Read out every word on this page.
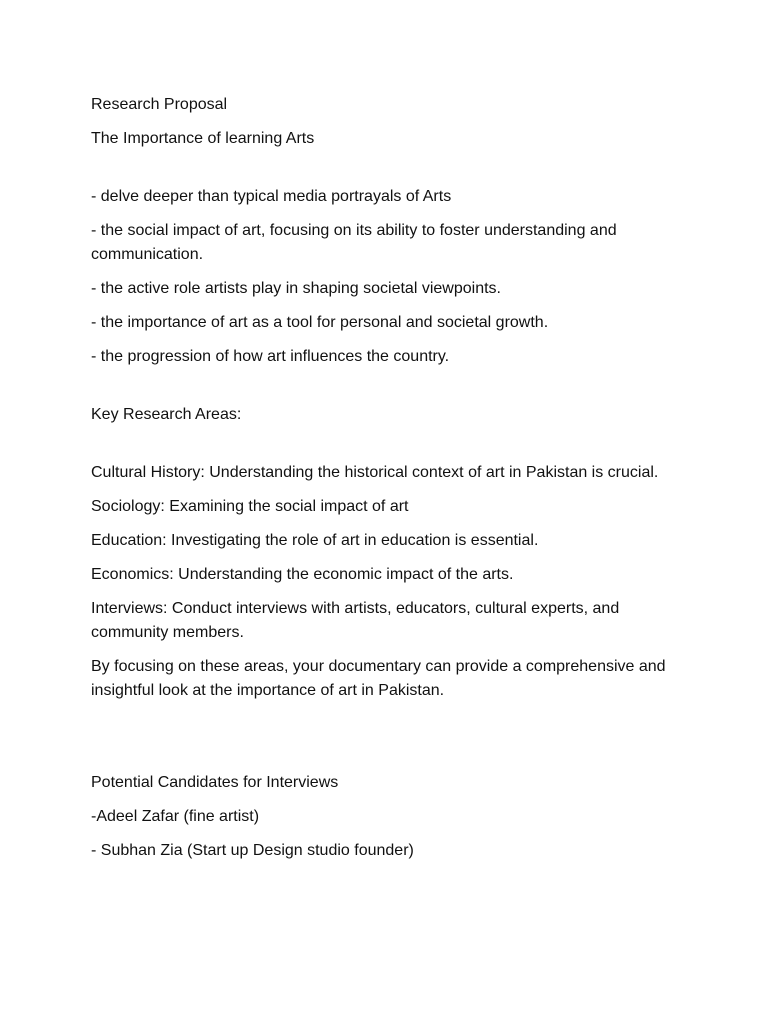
Research Proposal

The Importance of learning Arts

- delve deeper than typical media portrayals of Arts

- the social impact of art, focusing on its ability to foster understanding and communication.

- the active role artists play in shaping societal viewpoints.

- the importance of art as a tool for personal and societal growth.

- the progression of how art influences the country.

Key Research Areas:

Cultural History: Understanding the historical context of art in Pakistan is crucial.

Sociology: Examining the social impact of art

Education: Investigating the role of art in education is essential.

Economics: Understanding the economic impact of the arts.

Interviews: Conduct interviews with artists, educators, cultural experts, and community members.

By focusing on these areas, your documentary can provide a comprehensive and insightful look at the importance of art in Pakistan.

Potential Candidates for Interviews

-Adeel Zafar (fine artist)

- Subhan Zia (Start up Design studio founder)
